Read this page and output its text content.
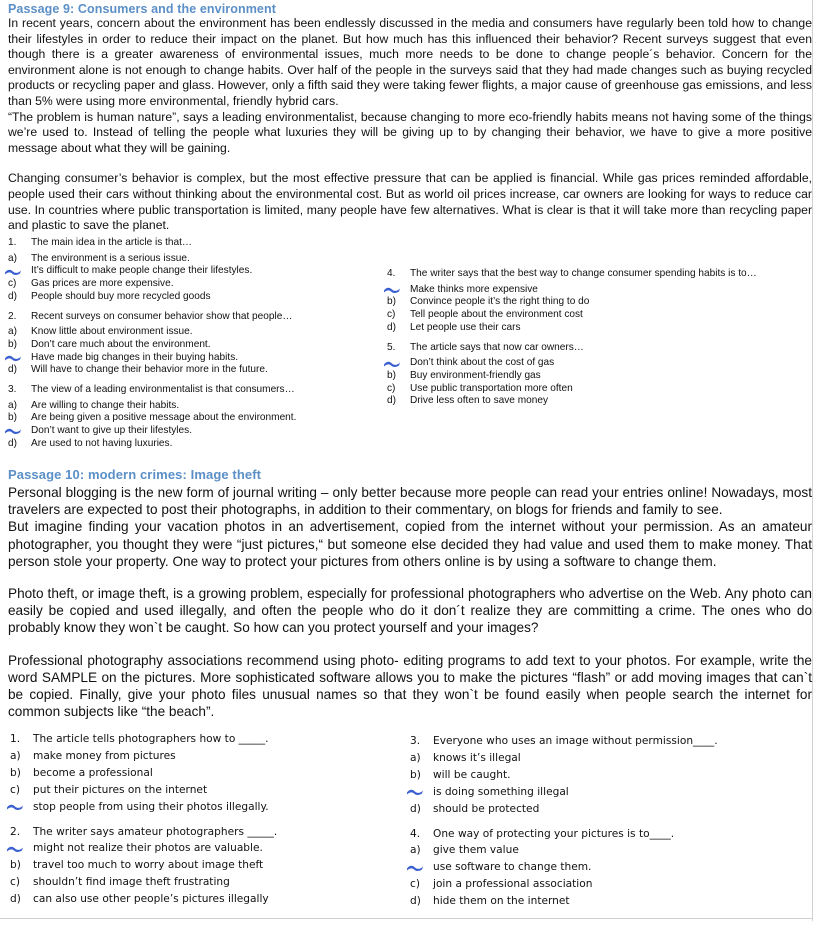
Passage 9: Consumers and the environment

In recent years, concern about the environment has been endlessly discussed in the media and consumers have regularly been told how to change their lifestyles in order to reduce their impact on the planet. But how much has this influenced their behavior? Recent surveys suggest that even though there is a greater awareness of environmental issues, much more needs to be done to change people´s behavior. Concern for the environment alone is not enough to change habits. Over half of the people in the surveys said that they had made changes such as buying recycled products or recycling paper and glass. However, only a fifth said they were taking fewer flights, a major cause of greenhouse gas emissions, and less than 5% were using more environmental, friendly hybrid cars.

“The problem is human nature”, says a leading environmentalist, because changing to more eco-friendly habits means not having some of the things we’re used to. Instead of telling the people what luxuries they will be giving up to by changing their behavior, we have to give a more positive message about what they will be gaining.

Changing consumer’s behavior is complex, but the most effective pressure that can be applied is financial. While gas prices reminded affordable, people used their cars without thinking about the environmental cost. But as world oil prices increase, car owners are looking for ways to reduce car use. In countries where public transportation is limited, many people have few alternatives. What is clear is that it will take more than recycling paper and plastic to save the planet.

1. The main idea in the article is that…
a) The environment is a serious issue.
It’s difficult to make people change their lifestyles.
c) Gas prices are more expensive.
d) People should buy more recycled goods
2. Recent surveys on consumer behavior show that people…
a) Know little about environment issue.
b) Don’t care much about the environment.
Have made big changes in their buying habits.
d) Will have to change their behavior more in the future.
3. The view of a leading environmentalist is that consumers…
a) Are willing to change their habits.
b) Are being given a positive message about the environment.
Don’t want to give up their lifestyles.
d) Are used to not having luxuries.
4. The writer says that the best way to change consumer spending habits is to…
Make thinks more expensive
b) Convince people it’s the right thing to do
c) Tell people about the environment cost
d) Let people use their cars
5. The article says that now car owners…
Don’t think about the cost of gas
b) Buy environment-friendly gas
c) Use public transportation more often
d) Drive less often to save money
Passage 10: modern crimes: Image theft

Personal blogging is the new form of journal writing – only better because more people can read your entries online! Nowadays, most travelers are expected to post their photographs, in addition to their commentary, on blogs for friends and family to see.

But imagine finding your vacation photos in an advertisement, copied from the internet without your permission. As an amateur photographer, you thought they were “just pictures,“ but someone else decided they had value and used them to make money. That person stole your property. One way to protect your pictures from others online is by using a software to change them.

Photo theft, or image theft, is a growing problem, especially for professional photographers who advertise on the Web. Any photo can easily be copied and used illegally, and often the people who do it don´t realize they are committing a crime. The ones who do probably know they won`t be caught. So how can you protect yourself and your images?

Professional photography associations recommend using photo- editing programs to add text to your photos. For example, write the word SAMPLE on the pictures. More sophisticated software allows you to make the pictures “flash” or add moving images that can`t be copied. Finally, give your photo files unusual names so that they won`t be found easily when people search the internet for common subjects like “the beach”.

1. The article tells photographers how to _____.
a) make money from pictures
b) become a professional
c) put their pictures on the internet
stop people from using their photos illegally.
2. The writer says amateur photographers _____.
might not realize their photos are valuable.
b) travel too much to worry about image theft
c) shouldn’t find image theft frustrating
d) can also use other people’s pictures illegally
3. Everyone who uses an image without permission____.
a) knows it’s illegal
b) will be caught.
is doing something illegal
d) should be protected
4. One way of protecting your pictures is to____.
a) give them value
use software to change them.
c) join a professional association
d) hide them on the internet
